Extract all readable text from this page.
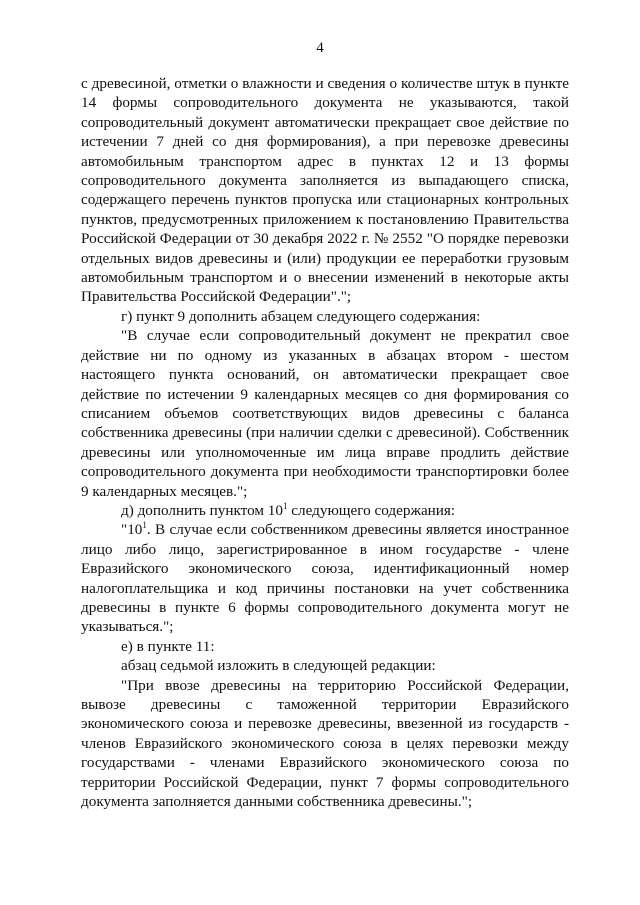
4

с древесиной, отметки о влажности и сведения о количестве штук в пункте 14 формы сопроводительного документа не указываются, такой сопроводительный документ автоматически прекращает свое действие по истечении 7 дней со дня формирования), а при перевозке древесины автомобильным транспортом адрес в пунктах 12 и 13 формы сопроводительного документа заполняется из выпадающего списка, содержащего перечень пунктов пропуска или стационарных контрольных пунктов, предусмотренных приложением к постановлению Правительства Российской Федерации от 30 декабря 2022 г. № 2552 "О порядке перевозки отдельных видов древесины и (или) продукции ее переработки грузовым автомобильным транспортом и о внесении изменений в некоторые акты Правительства Российской Федерации".";

г) пункт 9 дополнить абзацем следующего содержания:

"В случае если сопроводительный документ не прекратил свое действие ни по одному из указанных в абзацах втором - шестом настоящего пункта оснований, он автоматически прекращает свое действие по истечении 9 календарных месяцев со дня формирования со списанием объемов соответствующих видов древесины с баланса собственника древесины (при наличии сделки с древесиной). Собственник древесины или уполномоченные им лица вправе продлить действие сопроводительного документа при необходимости транспортировки более 9 календарных месяцев.";

д) дополнить пунктом $10^1$ следующего содержания:

"$10^1$. В случае если собственником древесины является иностранное лицо либо лицо, зарегистрированное в ином государстве - члене Евразийского экономического союза, идентификационный номер налогоплательщика и код причины постановки на учет собственника древесины в пункте 6 формы сопроводительного документа могут не указываться.";

е) в пункте 11:

абзац седьмой изложить в следующей редакции:

"При ввозе древесины на территорию Российской Федерации, вывозе древесины с таможенной территории Евразийского экономического союза и перевозке древесины, ввезенной из государств - членов Евразийского экономического союза в целях перевозки между государствами - членами Евразийского экономического союза по территории Российской Федерации, пункт 7 формы сопроводительного документа заполняется данными собственника древесины.";
